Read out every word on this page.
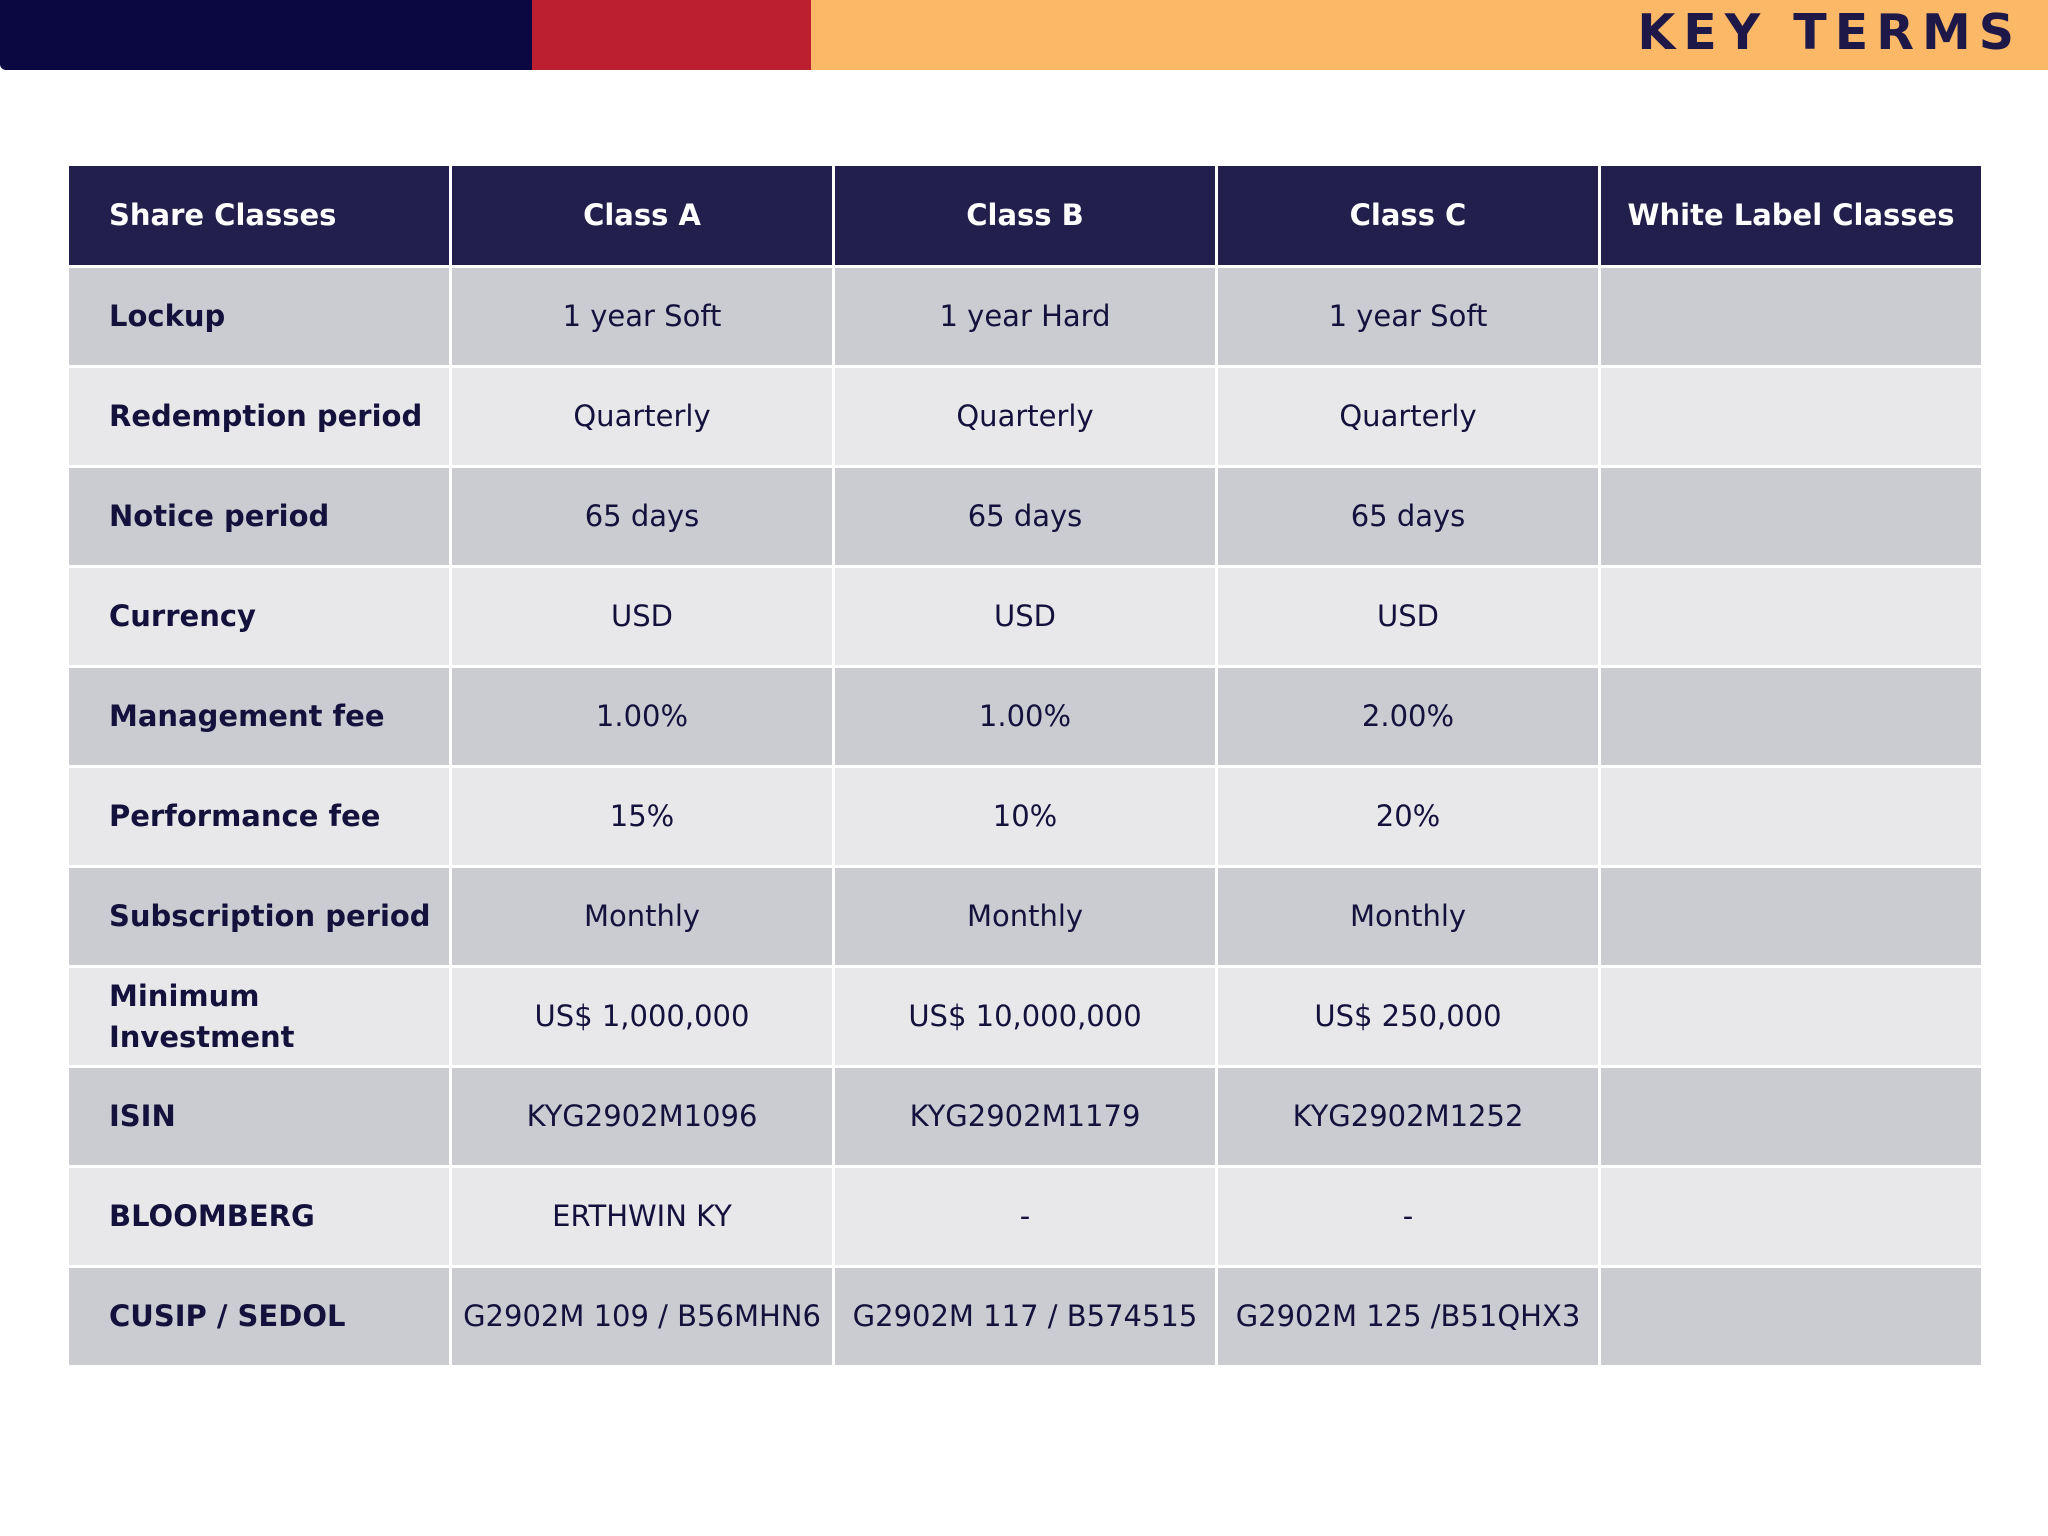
KEY TERMS
Share Classes	Class A	Class B	Class C	White Label Classes
Lockup	1 year Soft	1 year Hard	1 year Soft	
Redemption period	Quarterly	Quarterly	Quarterly	
Notice period	65 days	65 days	65 days	
Currency	USD	USD	USD	
Management fee	1.00%	1.00%	2.00%	
Performance fee	15%	10%	20%	
Subscription period	Monthly	Monthly	Monthly	
Minimum Investment	US$ 1,000,000	US$ 10,000,000	US$ 250,000	
ISIN	KYG2902M1096	KYG2902M1179	KYG2902M1252	
BLOOMBERG	ERTHWIN KY	-	-	
CUSIP / SEDOL	G2902M 109 / B56MHN6	G2902M 117 / B574515	G2902M 125 /B51QHX3	
